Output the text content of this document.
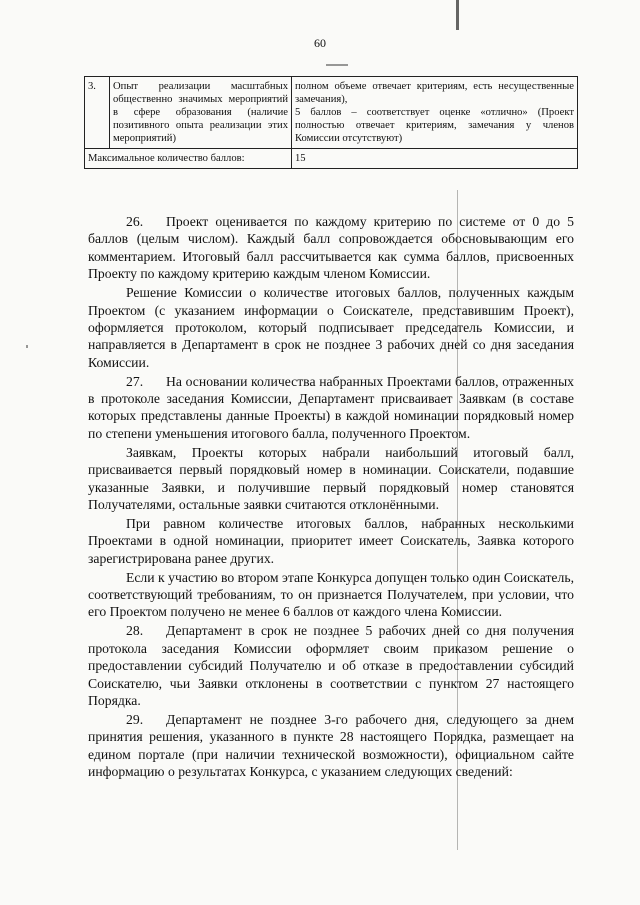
60
3.	Опыт реализации масштабных общественно значимых мероприятий в сфере образования (наличие позитивного опыта реализации этих мероприятий)	полном объеме отвечает критериям, есть несущественные замечания),
5 баллов – соответствует оценке «отлично» (Проект полностью отвечает критериям, замечания у членов Комиссии отсутствуют)

Максимальное количество баллов:		15

26. Проект оценивается по каждому критерию по системе от 0 до 5 баллов (целым числом). Каждый балл сопровождается обосновывающим его комментарием. Итоговый балл рассчитывается как сумма баллов, присвоенных Проекту по каждому критерию каждым членом Комиссии.

Решение Комиссии о количестве итоговых баллов, полученных каждым Проектом (с указанием информации о Соискателе, представившим Проект), оформляется протоколом, который подписывает председатель Комиссии, и направляется в Департамент в срок не позднее 3 рабочих дней со дня заседания Комиссии.

27. На основании количества набранных Проектами баллов, отраженных в протоколе заседания Комиссии, Департамент присваивает Заявкам (в составе которых представлены данные Проекты) в каждой номинации порядковый номер по степени уменьшения итогового балла, полученного Проектом.

Заявкам, Проекты которых набрали наибольший итоговый балл, присваивается первый порядковый номер в номинации. Соискатели, подавшие указанные Заявки, и получившие первый порядковый номер становятся Получателями, остальные заявки считаются отклонёнными.

При равном количестве итоговых баллов, набранных несколькими Проектами в одной номинации, приоритет имеет Соискатель, Заявка которого зарегистрирована ранее других.

Если к участию во втором этапе Конкурса допущен только один Соискатель, соответствующий требованиям, то он признается Получателем, при условии, что его Проектом получено не менее 6 баллов от каждого члена Комиссии.

28. Департамент в срок не позднее 5 рабочих дней со дня получения протокола заседания Комиссии оформляет своим приказом решение о предоставлении субсидий Получателю и об отказе в предоставлении субсидий Соискателю, чьи Заявки отклонены в соответствии с пунктом 27 настоящего Порядка.

29. Департамент не позднее 3-го рабочего дня, следующего за днем принятия решения, указанного в пункте 28 настоящего Порядка, размещает на едином портале (при наличии технической возможности), официальном сайте информацию о результатах Конкурса, с указанием следующих сведений:
